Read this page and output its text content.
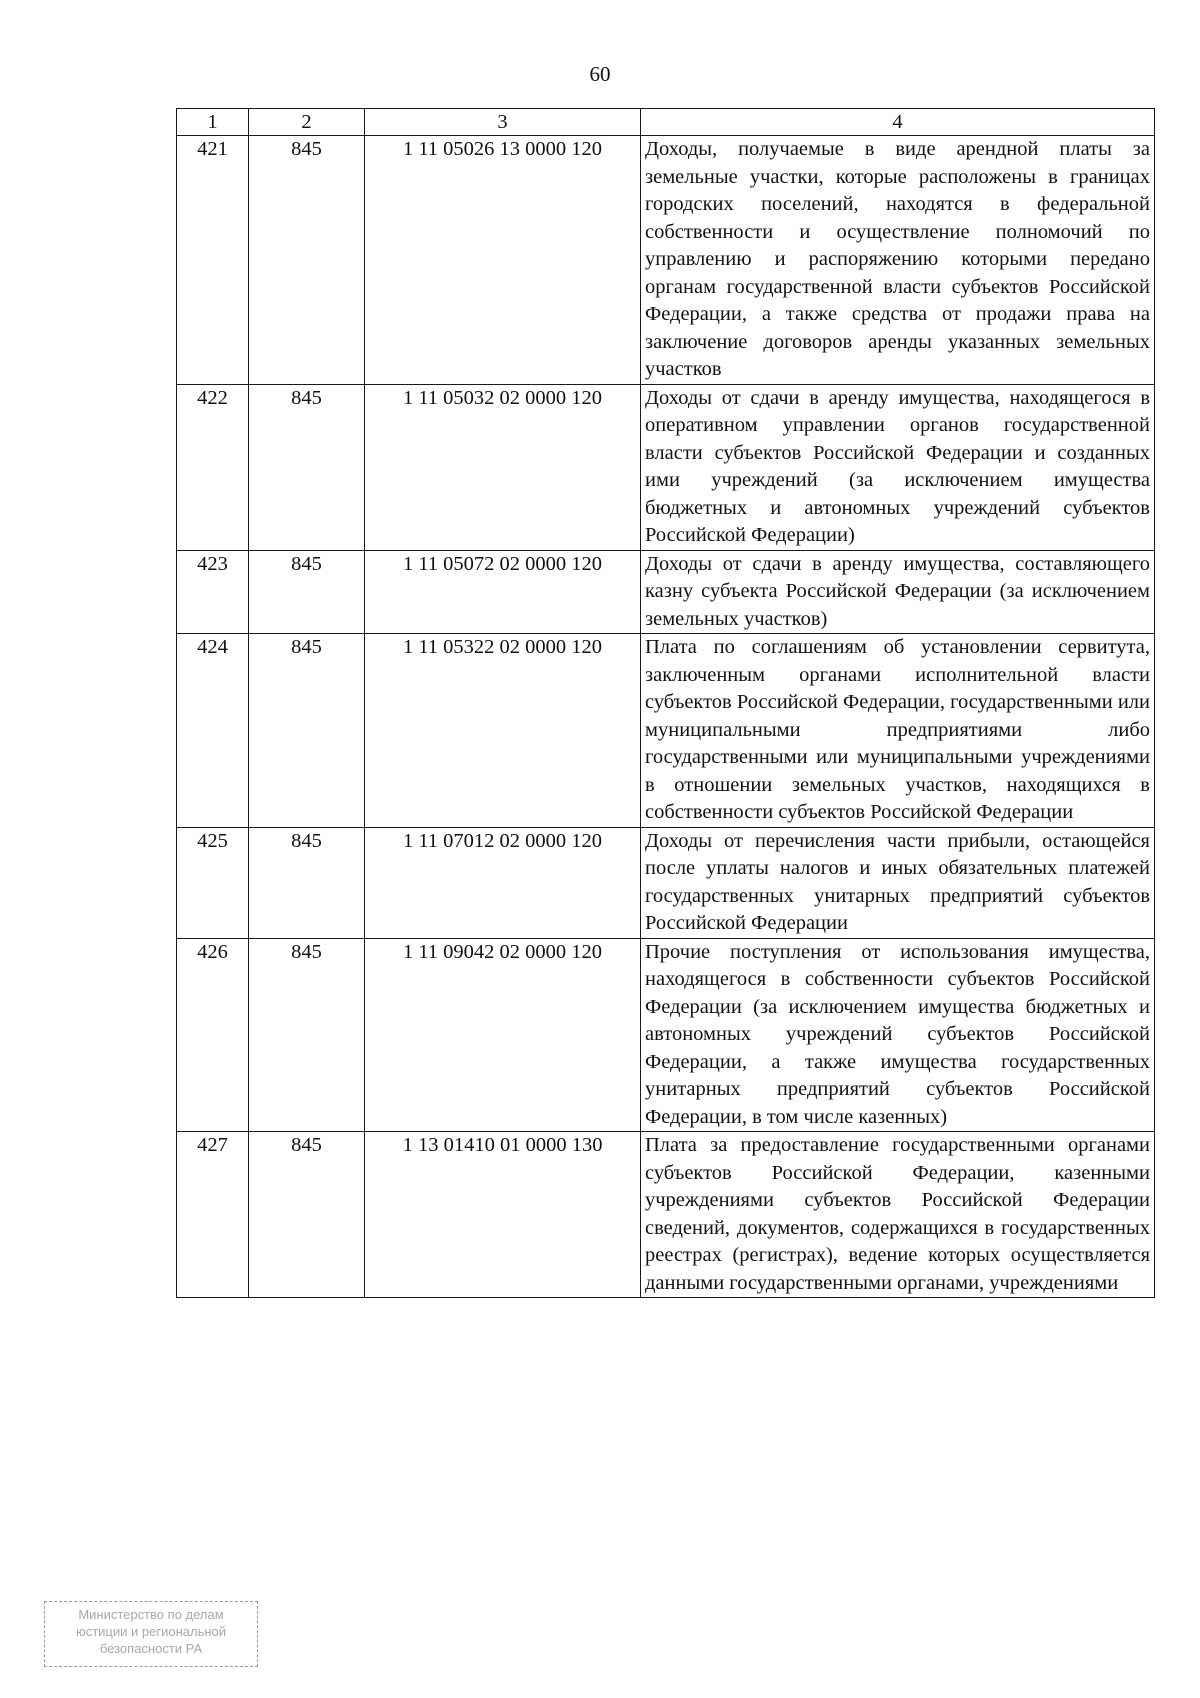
60
1	2	3	4
421	845	1 11 05026 13 0000 120	Доходы, получаемые в виде арендной платы за земельные участки, которые расположены в границах городских поселений, находятся в федеральной собственности и осуществление полномочий по управлению и распоряжению которыми передано органам государственной власти субъектов Российской Федерации, а также средства от продажи права на заключение договоров аренды указанных земельных участков
422	845	1 11 05032 02 0000 120	Доходы от сдачи в аренду имущества, находящегося в оперативном управлении органов государственной власти субъектов Российской Федерации и созданных ими учреждений (за исключением имущества бюджетных и автономных учреждений субъектов Российской Федерации)
423	845	1 11 05072 02 0000 120	Доходы от сдачи в аренду имущества, составляющего казну субъекта Российской Федерации (за исключением земельных участков)
424	845	1 11 05322 02 0000 120	Плата по соглашениям об установлении сервитута, заключенным органами исполнительной власти субъектов Российской Федерации, государственными или муниципальными предприятиями либо государственными или муниципальными учреждениями в отношении земельных участков, находящихся в собственности субъектов Российской Федерации
425	845	1 11 07012 02 0000 120	Доходы от перечисления части прибыли, остающейся после уплаты налогов и иных обязательных платежей государственных унитарных предприятий субъектов Российской Федерации
426	845	1 11 09042 02 0000 120	Прочие поступления от использования имущества, находящегося в собственности субъектов Российской Федерации (за исключением имущества бюджетных и автономных учреждений субъектов Российской Федерации, а также имущества государственных унитарных предприятий субъектов Российской Федерации, в том числе казенных)
427	845	1 13 01410 01 0000 130	Плата за предоставление государственными органами субъектов Российской Федерации, казенными учреждениями субъектов Российской Федерации сведений, документов, содержащихся в государственных реестрах (регистрах), ведение которых осуществляется данными государственными органами, учреждениями
Министерство по делам
юстиции и региональной
безопасности РА
